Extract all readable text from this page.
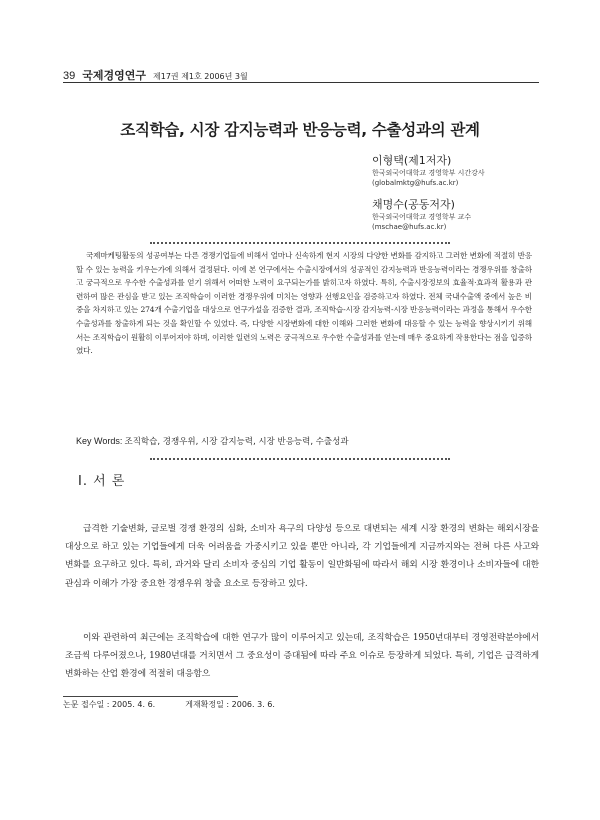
39 국제경영연구 제17권 제1호 2006년 3월
조직학습, 시장 감지능력과 반응능력, 수출성과의 관계
이형택(제1저자)
한국외국어대학교 경영학부 시간강사
(globalmktg@hufs.ac.kr)
채명수(공동저자)
한국외국어대학교 경영학부 교수
(mschae@hufs.ac.kr)

국제마케팅활동의 성공여부는 다른 경쟁기업들에 비해서 얼마나 신속하게 현지 시장의 다양한 변화를 감지하고 그러한 변화에 적절히 반응할 수 있는 능력을 키우는가에 의해서 결정된다. 이에 본 연구에서는 수출시장에서의 성공적인 감지능력과 반응능력이라는 경쟁우위를 창출하고 궁극적으로 우수한 수출성과를 얻기 위해서 어떠한 노력이 요구되는가를 밝히고자 하였다. 특히, 수출시장정보의 효율적·효과적 활용과 관련하여 많은 관심을 받고 있는 조직학습이 이러한 경쟁우위에 미치는 영향과 선행요인을 검증하고자 하였다. 전체 국내수출액 중에서 높은 비중을 차지하고 있는 274개 수출기업을 대상으로 연구가설을 검증한 결과, 조직학습-시장 감지능력-시장 반응능력이라는 과정을 통해서 우수한 수출성과를 창출하게 되는 것을 확인할 수 있었다. 즉, 다양한 시장변화에 대한 이해와 그러한 변화에 대응할 수 있는 능력을 향상시키기 위해서는 조직학습이 원활히 이루어져야 하며, 이러한 일련의 노력은 궁극적으로 우수한 수출성과를 얻는데 매우 중요하게 작용한다는 점을 입증하였다.

Key Words: 조직학습, 경쟁우위, 시장 감지능력, 시장 반응능력, 수출성과
Ⅰ. 서 론

급격한 기술변화, 글로벌 경쟁 환경의 심화, 소비자 욕구의 다양성 등으로 대변되는 세계 시장 환경의 변화는 해외시장을 대상으로 하고 있는 기업들에게 더욱 어려움을 가중시키고 있을 뿐만 아니라, 각 기업들에게 지금까지와는 전혀 다른 사고와 변화를 요구하고 있다. 특히, 과거와 달리 소비자 중심의 기업 활동이 일반화됨에 따라서 해외 시장 환경이나 소비자들에 대한 관심과 이해가 가장 중요한 경쟁우위 창출 요소로 등장하고 있다.

이와 관련하여 최근에는 조직학습에 대한 연구가 많이 이루어지고 있는데, 조직학습은 1950년대부터 경영전략분야에서 조금씩 다루어졌으나, 1980년대를 거치면서 그 중요성이 증대됨에 따라 주요 이슈로 등장하게 되었다. 특히, 기업은 급격하게 변화하는 산업 환경에 적절히 대응함으

논문 접수일 : 2005. 4. 6.	게재확정일 : 2006. 3. 6.
